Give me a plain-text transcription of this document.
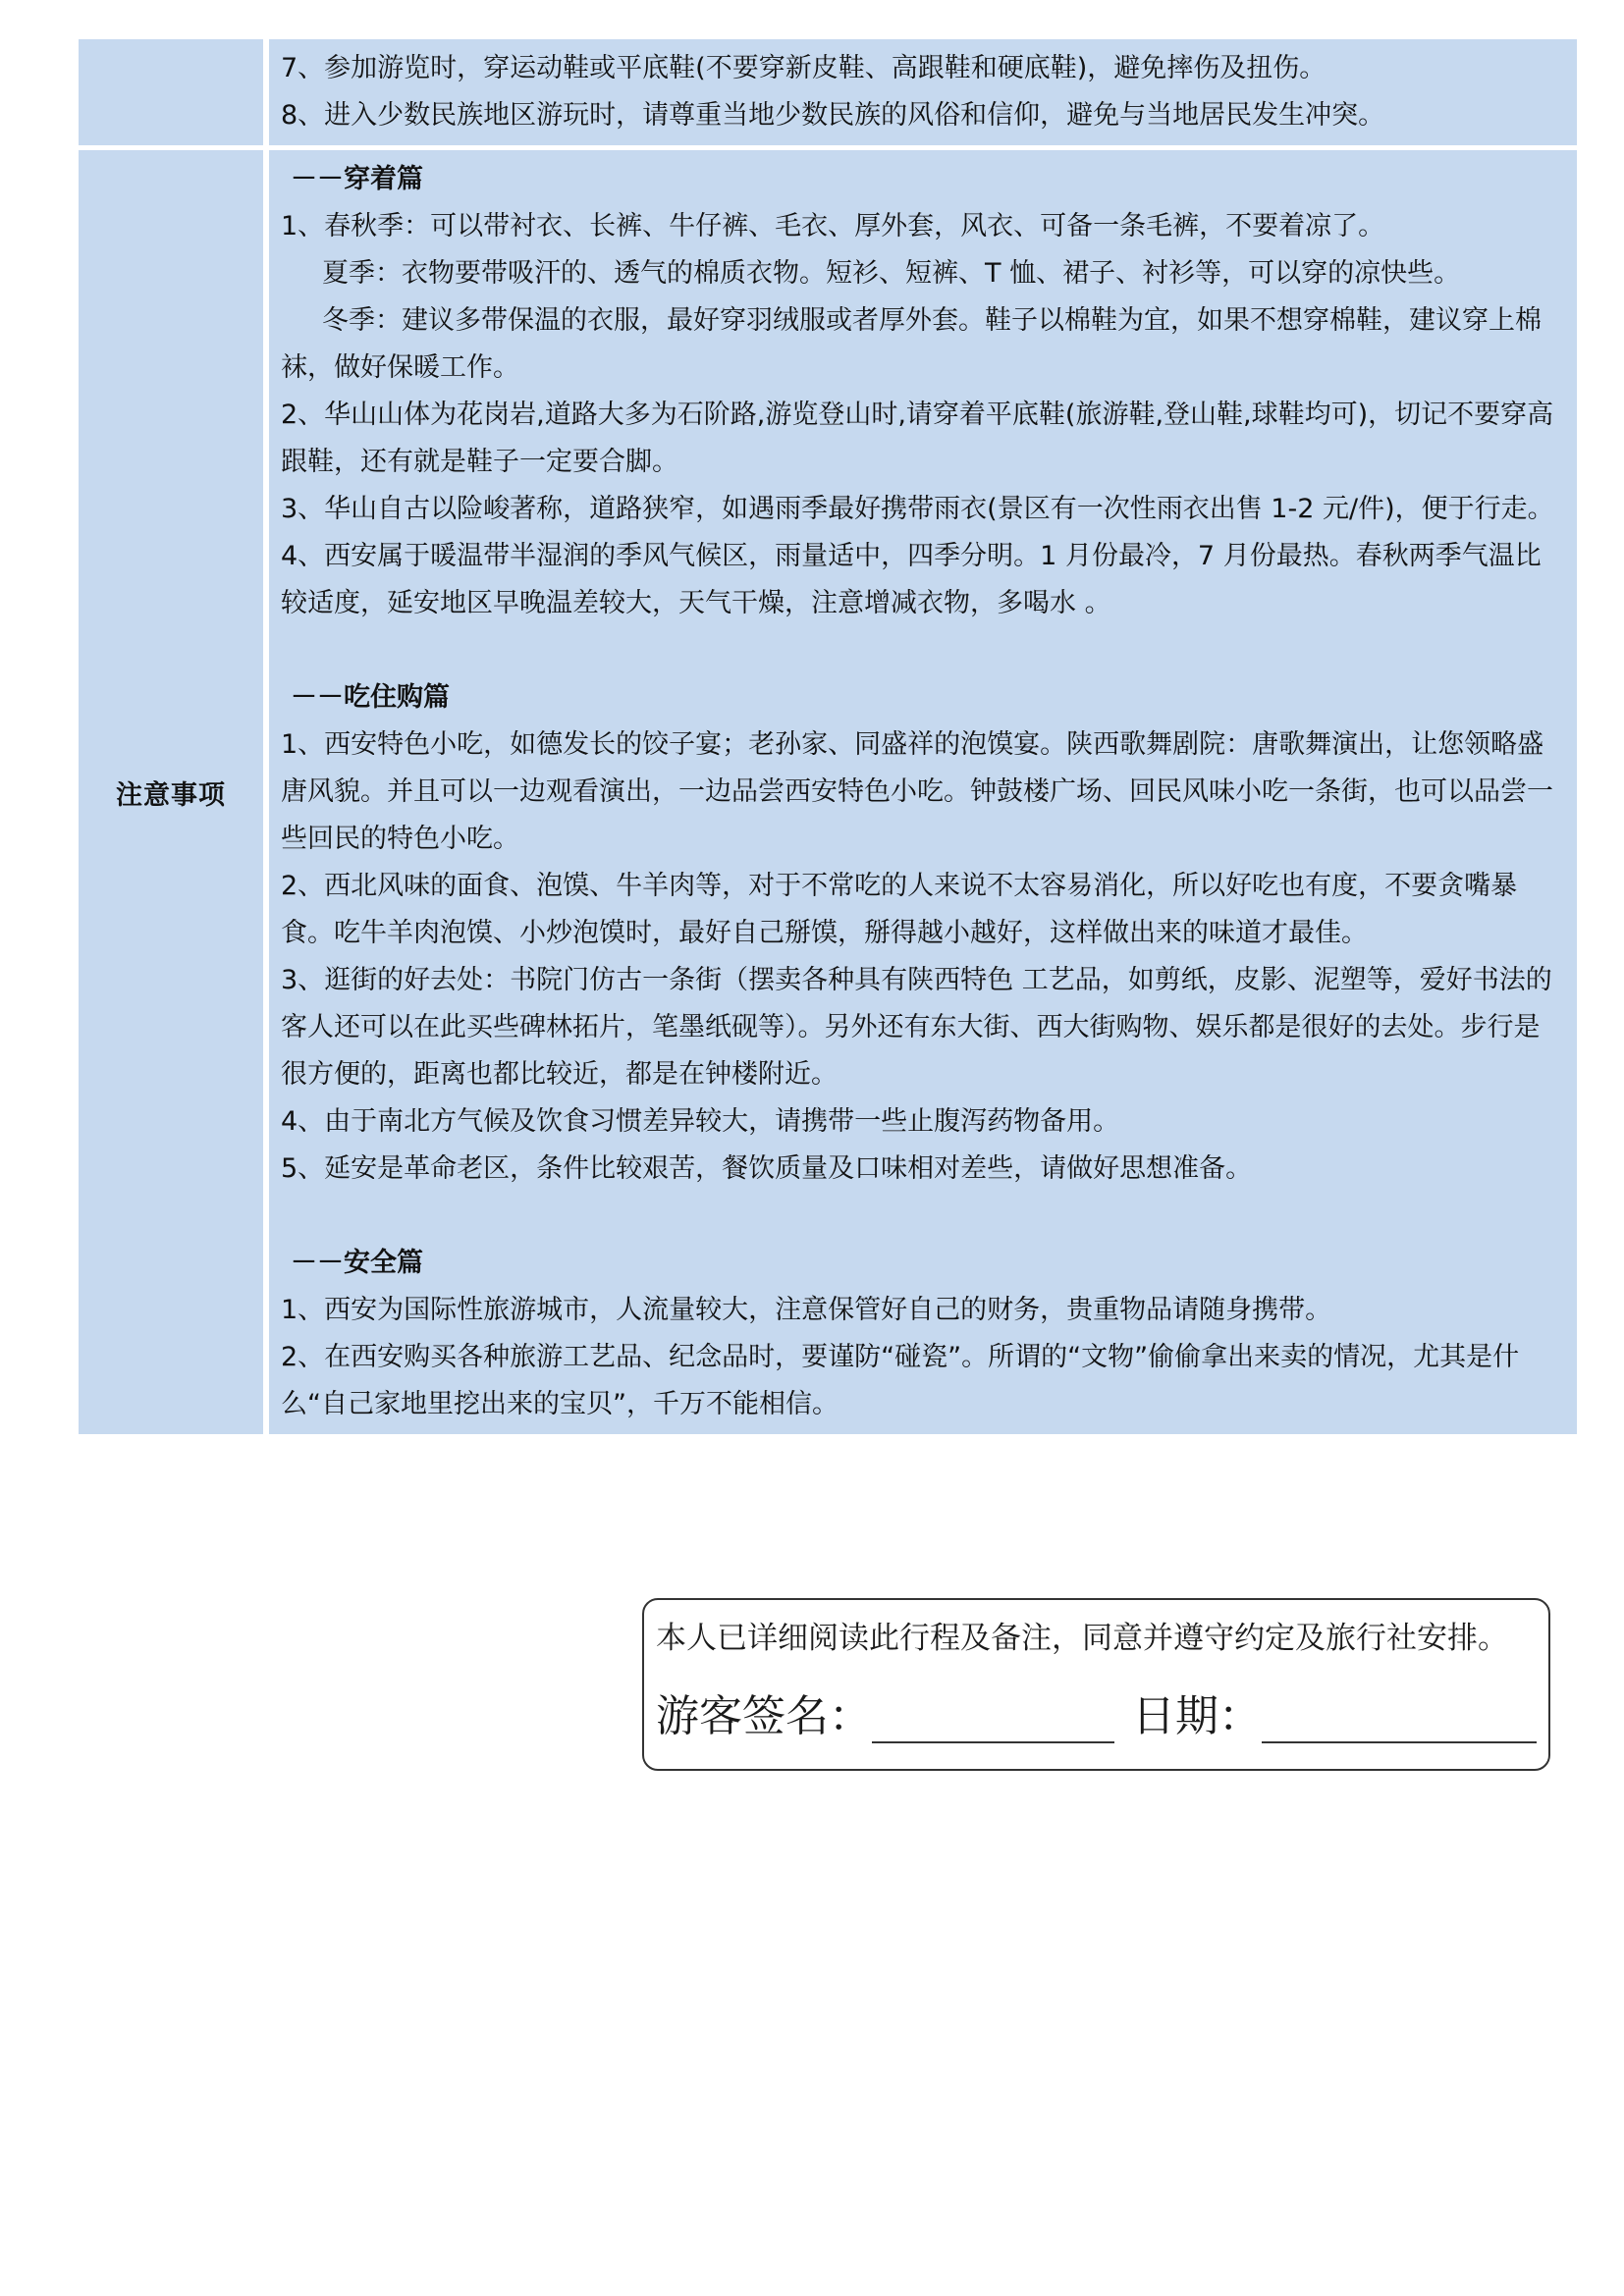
7、参加游览时，穿运动鞋或平底鞋(不要穿新皮鞋、高跟鞋和硬底鞋)，避免摔伤及扭伤。

8、进入少数民族地区游玩时，请尊重当地少数民族的风俗和信仰，避免与当地居民发生冲突。

注意事项

－－穿着篇

1、春秋季：可以带衬衣、长裤、牛仔裤、毛衣、厚外套，风衣、可备一条毛裤，不要着凉了。

夏季：衣物要带吸汗的、透气的棉质衣物。短衫、短裤、T 恤、裙子、衬衫等，可以穿的凉快些。

冬季：建议多带保温的衣服，最好穿羽绒服或者厚外套。鞋子以棉鞋为宜，如果不想穿棉鞋，建议穿上棉袜，做好保暖工作。

2、华山山体为花岗岩,道路大多为石阶路,游览登山时,请穿着平底鞋(旅游鞋,登山鞋,球鞋均可)，切记不要穿高跟鞋，还有就是鞋子一定要合脚。

3、华山自古以险峻著称，道路狭窄，如遇雨季最好携带雨衣(景区有一次性雨衣出售 1-2 元/件)，便于行走。

4、西安属于暖温带半湿润的季风气候区，雨量适中，四季分明。1 月份最冷，7 月份最热。春秋两季气温比较适度，延安地区早晚温差较大，天气干燥，注意增减衣物，多喝水 。

－－吃住购篇

1、西安特色小吃，如德发长的饺子宴；老孙家、同盛祥的泡馍宴。陕西歌舞剧院：唐歌舞演出，让您领略盛唐风貌。并且可以一边观看演出，一边品尝西安特色小吃。钟鼓楼广场、回民风味小吃一条街，也可以品尝一些回民的特色小吃。

2、西北风味的面食、泡馍、牛羊肉等，对于不常吃的人来说不太容易消化，所以好吃也有度，不要贪嘴暴食。吃牛羊肉泡馍、小炒泡馍时，最好自己掰馍，掰得越小越好，这样做出来的味道才最佳。

3、逛街的好去处：书院门仿古一条街（摆卖各种具有陕西特色 工艺品，如剪纸，皮影、泥塑等，爱好书法的客人还可以在此买些碑林拓片，笔墨纸砚等）。另外还有东大街、西大街购物、娱乐都是很好的去处。步行是很方便的，距离也都比较近，都是在钟楼附近。

4、由于南北方气候及饮食习惯差异较大，请携带一些止腹泻药物备用。

5、延安是革命老区，条件比较艰苦，餐饮质量及口味相对差些，请做好思想准备。

－－安全篇

1、西安为国际性旅游城市，人流量较大，注意保管好自己的财务，贵重物品请随身携带。

2、在西安购买各种旅游工艺品、纪念品时，要谨防“碰瓷”。所谓的“文物”偷偷拿出来卖的情况，尤其是什么“自己家地里挖出来的宝贝”，千万不能相信。

本人已详细阅读此行程及备注，同意并遵守约定及旅行社安排。
游客签名：	日期：
